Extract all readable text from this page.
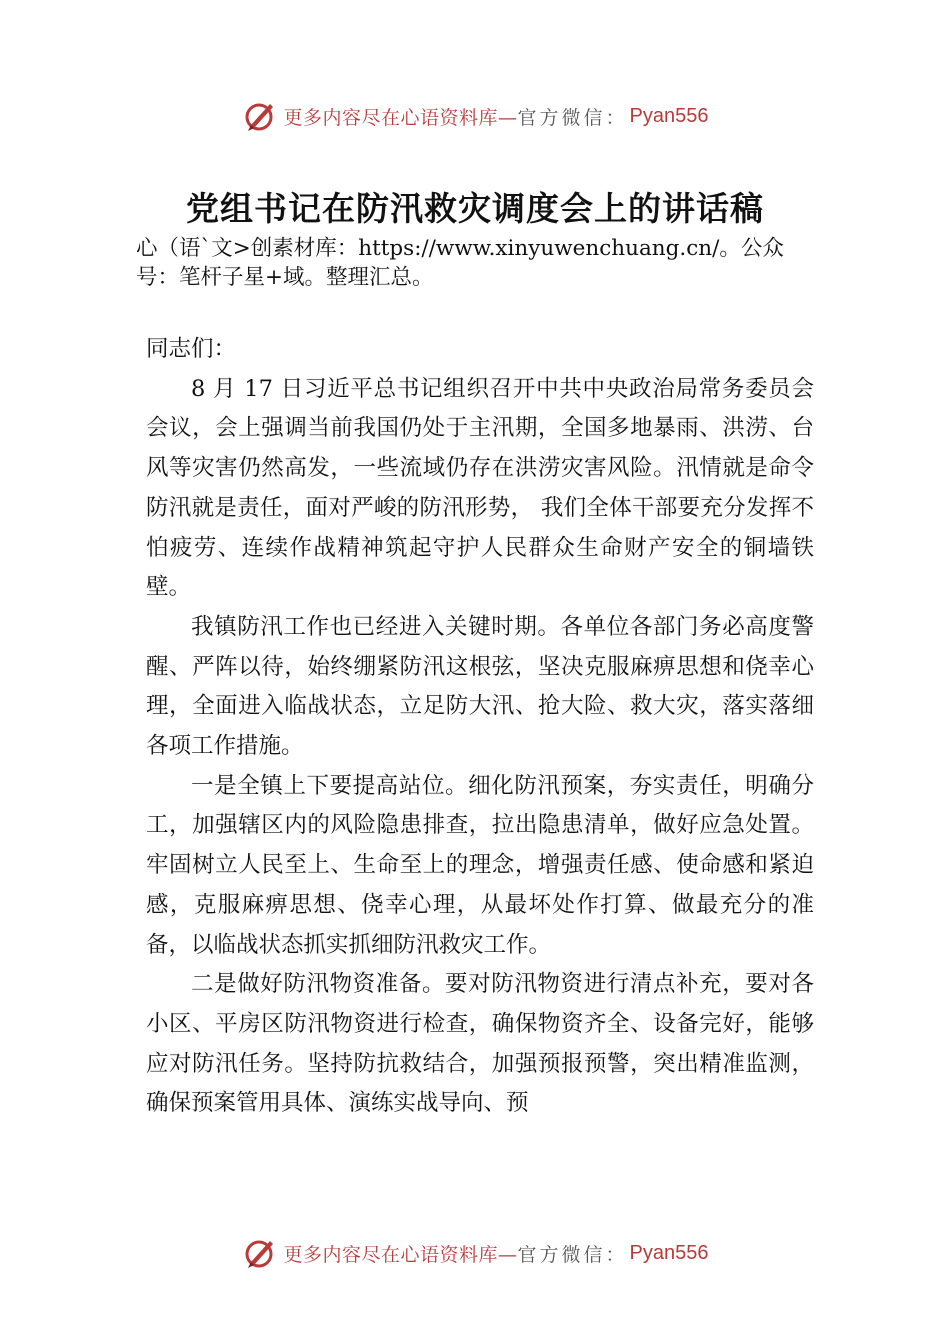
更多内容尽在心语资料库— 官方微信： Pyan556
党组书记在防汛救灾调度会上的讲话稿

心（语`文>创素材库：https://www.xinyuwenchuang.cn/。公众号：笔杆子星+域。整理汇总。

同志们：

8 月 17 日习近平总书记组织召开中共中央政治局常务委员会会议，会上强调当前我国仍处于主汛期，全国多地暴雨、洪涝、台风等灾害仍然高发，一些流域仍存在洪涝灾害风险。汛情就是命令防汛就是责任，面对严峻的防汛形势， 我们全体干部要充分发挥不怕疲劳、连续作战精神筑起守护人民群众生命财产安全的铜墙铁壁。

我镇防汛工作也已经进入关键时期。各单位各部门务必高度警醒、严阵以待，始终绷紧防汛这根弦，坚决克服麻痹思想和侥幸心理，全面进入临战状态，立足防大汛、抢大险、救大灾，落实落细各项工作措施。

一是全镇上下要提高站位。细化防汛预案，夯实责任，明确分工，加强辖区内的风险隐患排查，拉出隐患清单，做好应急处置。牢固树立人民至上、生命至上的理念，增强责任感、使命感和紧迫感，克服麻痹思想、侥幸心理，从最坏处作打算、做最充分的准备，以临战状态抓实抓细防汛救灾工作。

二是做好防汛物资准备。要对防汛物资进行清点补充，要对各小区、平房区防汛物资进行检查，确保物资齐全、设备完好，能够应对防汛任务。坚持防抗救结合，加强预报预警，突出精准监测，确保预案管用具体、演练实战导向、预

更多内容尽在心语资料库— 官方微信： Pyan556
